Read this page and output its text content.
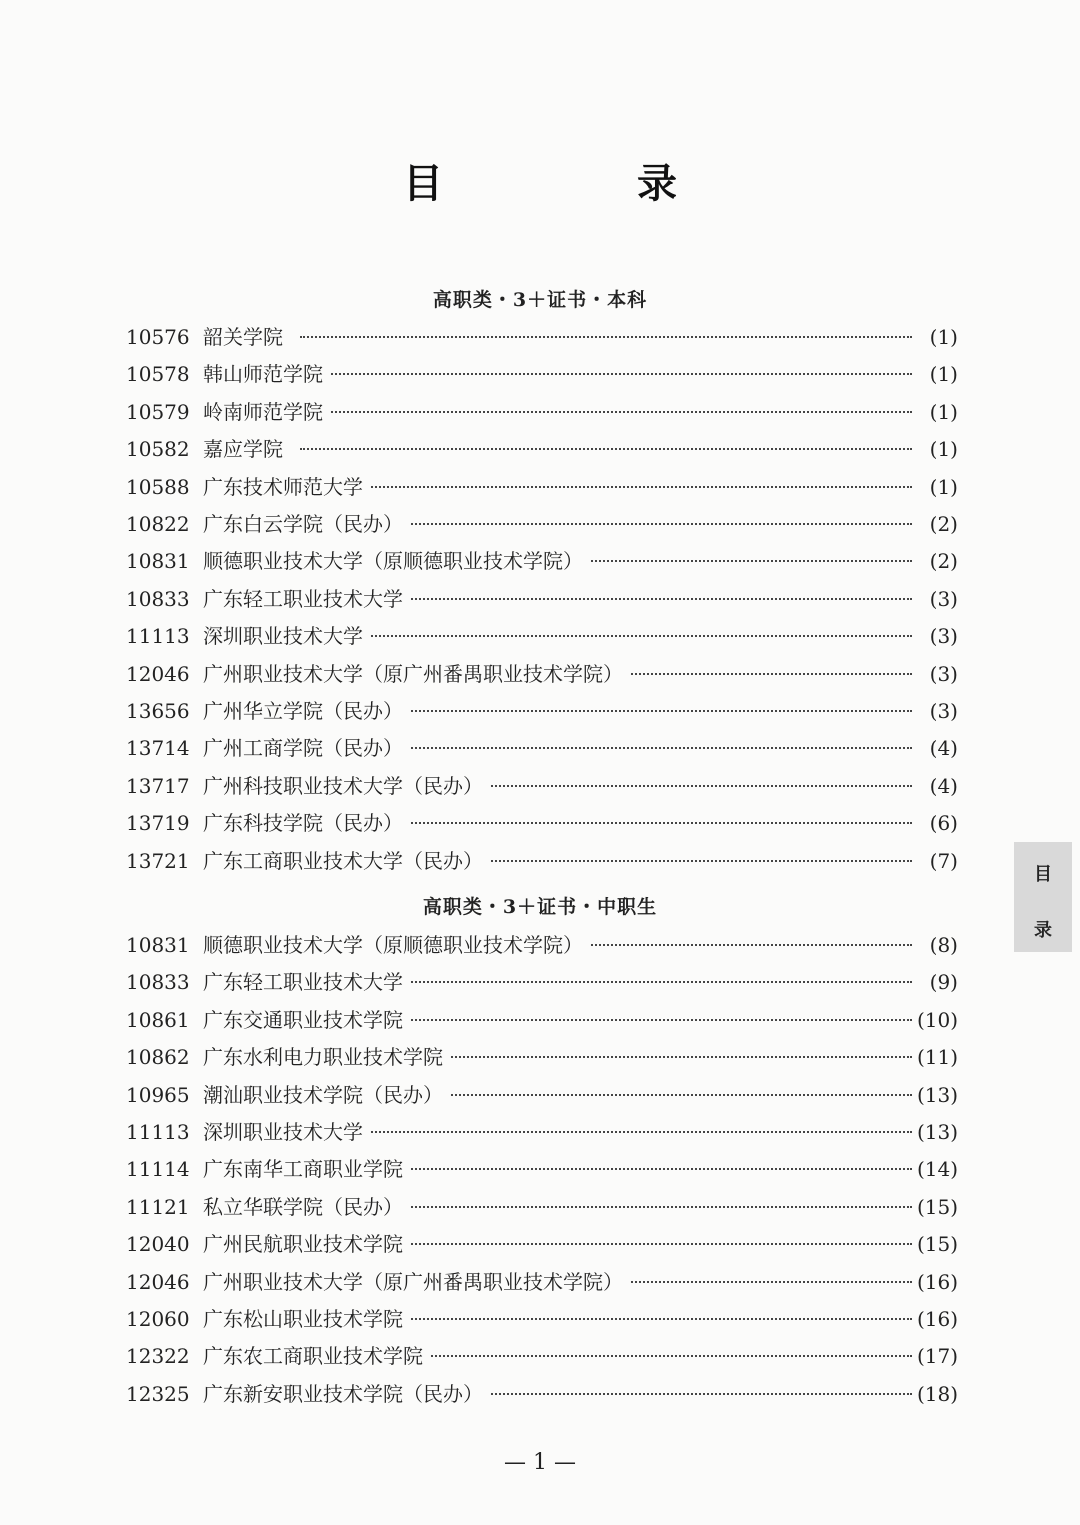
目 录
高职类・3＋证书・本科
10576 韶关学院	(1)
10578 韩山师范学院	(1)
10579 岭南师范学院	(1)
10582 嘉应学院	(1)
10588 广东技术师范大学	(1)
10822 广东白云学院（民办）	(2)
10831 顺德职业技术大学（原顺德职业技术学院）	(2)
10833 广东轻工职业技术大学	(3)
11113 深圳职业技术大学	(3)
12046 广州职业技术大学（原广州番禺职业技术学院）	(3)
13656 广州华立学院（民办）	(3)
13714 广州工商学院（民办）	(4)
13717 广州科技职业技术大学（民办）	(4)
13719 广东科技学院（民办）	(6)
13721 广东工商职业技术大学（民办）	(7)
高职类・3＋证书・中职生
10831 顺德职业技术大学（原顺德职业技术学院）	(8)
10833 广东轻工职业技术大学	(9)
10861 广东交通职业技术学院	(10)
10862 广东水利电力职业技术学院	(11)
10965 潮汕职业技术学院（民办）	(13)
11113 深圳职业技术大学	(13)
11114 广东南华工商职业学院	(14)
11121 私立华联学院（民办）	(15)
12040 广州民航职业技术学院	(15)
12046 广州职业技术大学（原广州番禺职业技术学院）	(16)
12060 广东松山职业技术学院	(16)
12322 广东农工商职业技术学院	(17)
12325 广东新安职业技术学院（民办）	(18)
目
录
— 1 —
